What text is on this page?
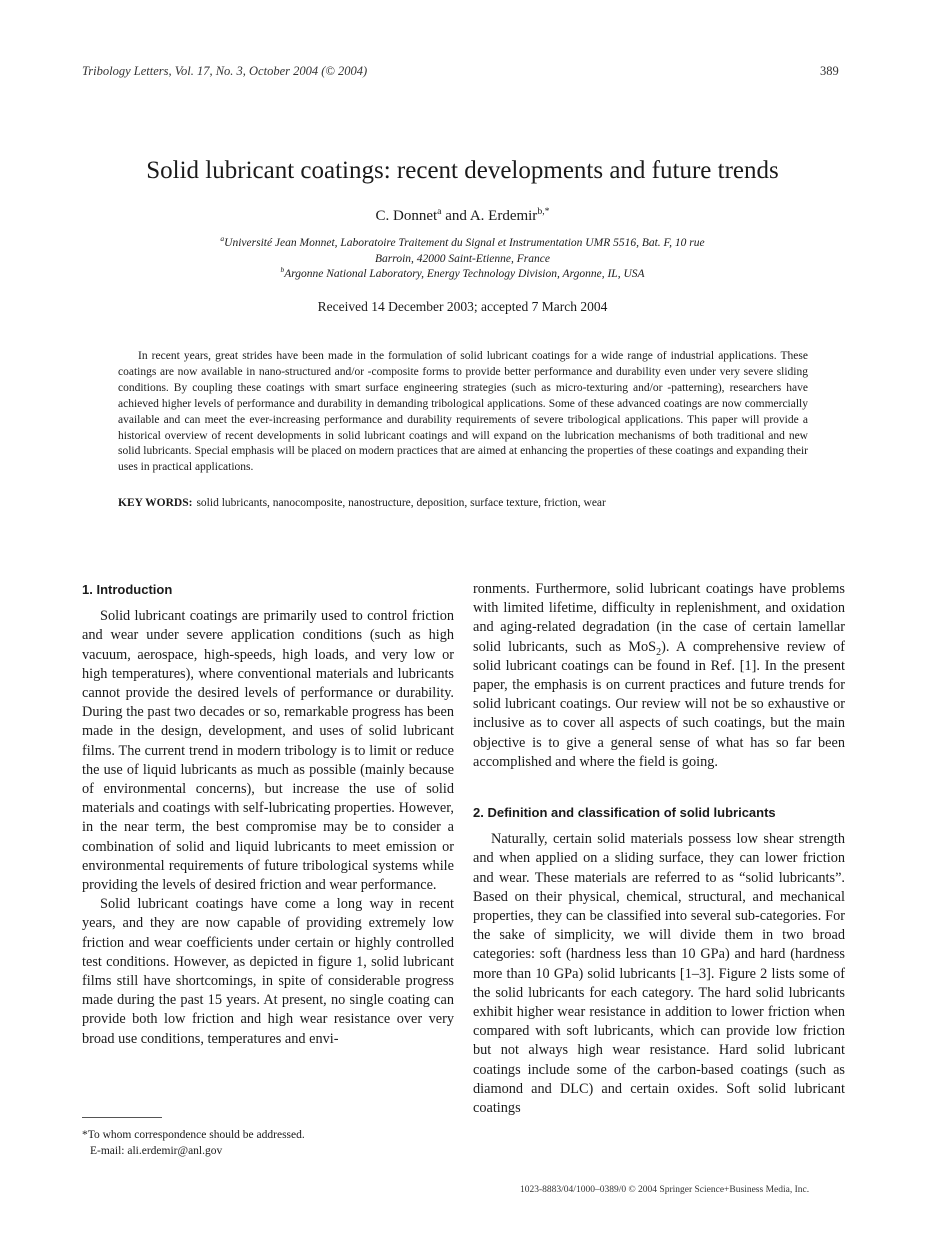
Tribology Letters, Vol. 17, No. 3, October 2004 (© 2004)	389
Solid lubricant coatings: recent developments and future trends
C. Donnet$^a$ and A. Erdemir$^{b,*}$
$^a$Université Jean Monnet, Laboratoire Traitement du Signal et Instrumentation UMR 5516, Bat. F, 10 rue
Barroin, 42000 Saint-Etienne, France
$^b$Argonne National Laboratory, Energy Technology Division, Argonne, IL, USA
Received 14 December 2003; accepted 7 March 2004
In recent years, great strides have been made in the formulation of solid lubricant coatings for a wide range of industrial applications. These coatings are now available in nano-structured and/or -composite forms to provide better performance and durability even under very severe sliding conditions. By coupling these coatings with smart surface engineering strategies (such as micro-texturing and/or -patterning), researchers have achieved higher levels of performance and durability in demanding tribological applications. Some of these advanced coatings are now commercially available and can meet the ever-increasing performance and durability requirements of severe tribological applications. This paper will provide a historical overview of recent developments in solid lubricant coatings and will expand on the lubrication mechanisms of both traditional and new solid lubricants. Special emphasis will be placed on modern practices that are aimed at enhancing the properties of these coatings and expanding their uses in practical applications.
KEY WORDS: solid lubricants, nanocomposite, nanostructure, deposition, surface texture, friction, wear
1. Introduction

Solid lubricant coatings are primarily used to control friction and wear under severe application conditions (such as high vacuum, aerospace, high-speeds, high loads, and very low or high temperatures), where conventional materials and lubricants cannot provide the desired levels of performance or durability. During the past two decades or so, remarkable progress has been made in the design, development, and uses of solid lubricant films. The current trend in modern tribology is to limit or reduce the use of liquid lubricants as much as possible (mainly because of environmental concerns), but increase the use of solid materials and coatings with self-lubricating properties. However, in the near term, the best compromise may be to consider a combination of solid and liquid lubricants to meet emission or environmental requirements of future tribological systems while providing the levels of desired friction and wear performance.

Solid lubricant coatings have come a long way in recent years, and they are now capable of providing extremely low friction and wear coefficients under certain or highly controlled test conditions. However, as depicted in figure 1, solid lubricant films still have shortcomings, in spite of considerable progress made during the past 15 years. At present, no single coating can provide both low friction and high wear resistance over very broad use conditions, temperatures and envi-

ronments. Furthermore, solid lubricant coatings have problems with limited lifetime, difficulty in replenishment, and oxidation and aging-related degradation (in the case of certain lamellar solid lubricants, such as MoS$_2$). A comprehensive review of solid lubricant coatings can be found in Ref. [1]. In the present paper, the emphasis is on current practices and future trends for solid lubricant coatings. Our review will not be so exhaustive or inclusive as to cover all aspects of such coatings, but the main objective is to give a general sense of what has so far been accomplished and where the field is going.

2. Definition and classification of solid lubricants

Naturally, certain solid materials possess low shear strength and when applied on a sliding surface, they can lower friction and wear. These materials are referred to as “solid lubricants”. Based on their physical, chemical, structural, and mechanical properties, they can be classified into several sub-categories. For the sake of simplicity, we will divide them in two broad categories: soft (hardness less than 10 GPa) and hard (hardness more than 10 GPa) solid lubricants [1–3]. Figure 2 lists some of the solid lubricants for each category. The hard solid lubricants exhibit higher wear resistance in addition to lower friction when compared with soft lubricants, which can provide low friction but not always high wear resistance. Hard solid lubricant coatings include some of the carbon-based coatings (such as diamond and DLC) and certain oxides. Soft solid lubricant coatings

*To whom correspondence should be addressed.
E-mail: ali.erdemir@anl.gov
1023-8883/04/1000–0389/0 © 2004 Springer Science+Business Media, Inc.
